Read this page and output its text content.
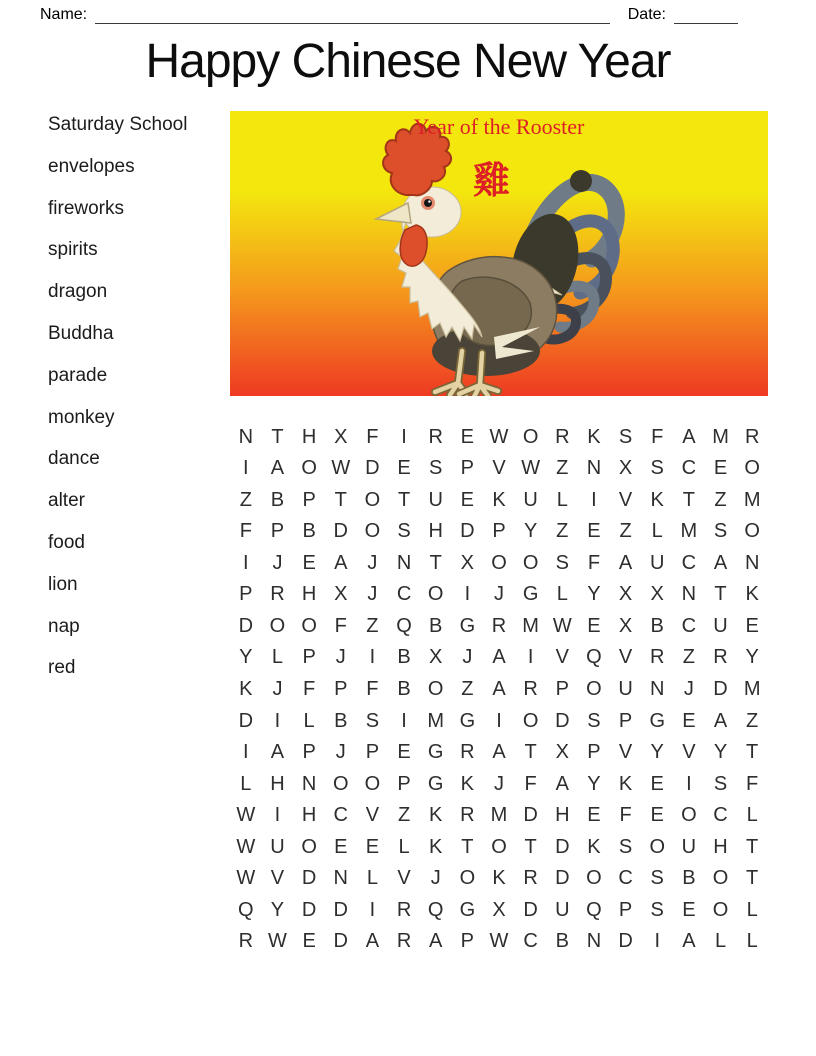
Name:	Date:
Happy Chinese New Year
Saturday School
envelopes
fireworks
spirits
dragon
Buddha
parade
monkey
dance
alter
food
lion
nap
red
Year of the Rooster
雞
N T H X F I R E W O R K S F A M R
I A O W D E S P V W Z N X S C E O
Z B P T O T U E K U L I V K T Z M
F P B D O S H D P Y Z E Z L M S O
I J E A J N T X O O S F A U C A N
P R H X J C O I J G L Y X X N T K
D O O F Z Q B G R M W E X B C U E
Y L P J I B X J A I V Q V R Z R Y
K J F P F B O Z A R P O U N J D M
D I L B S I M G I O D S P G E A Z
I A P J P E G R A T X P V Y V Y T
L H N O O P G K J F A Y K E I S F
W I H C V Z K R M D H E F E O C L
W U O E E L K T O T D K S O U H T
W V D N L V J O K R D O C S B O T
Q Y D D I R Q G X D U Q P S E O L
R W E D A R A P W C B N D I A L L
